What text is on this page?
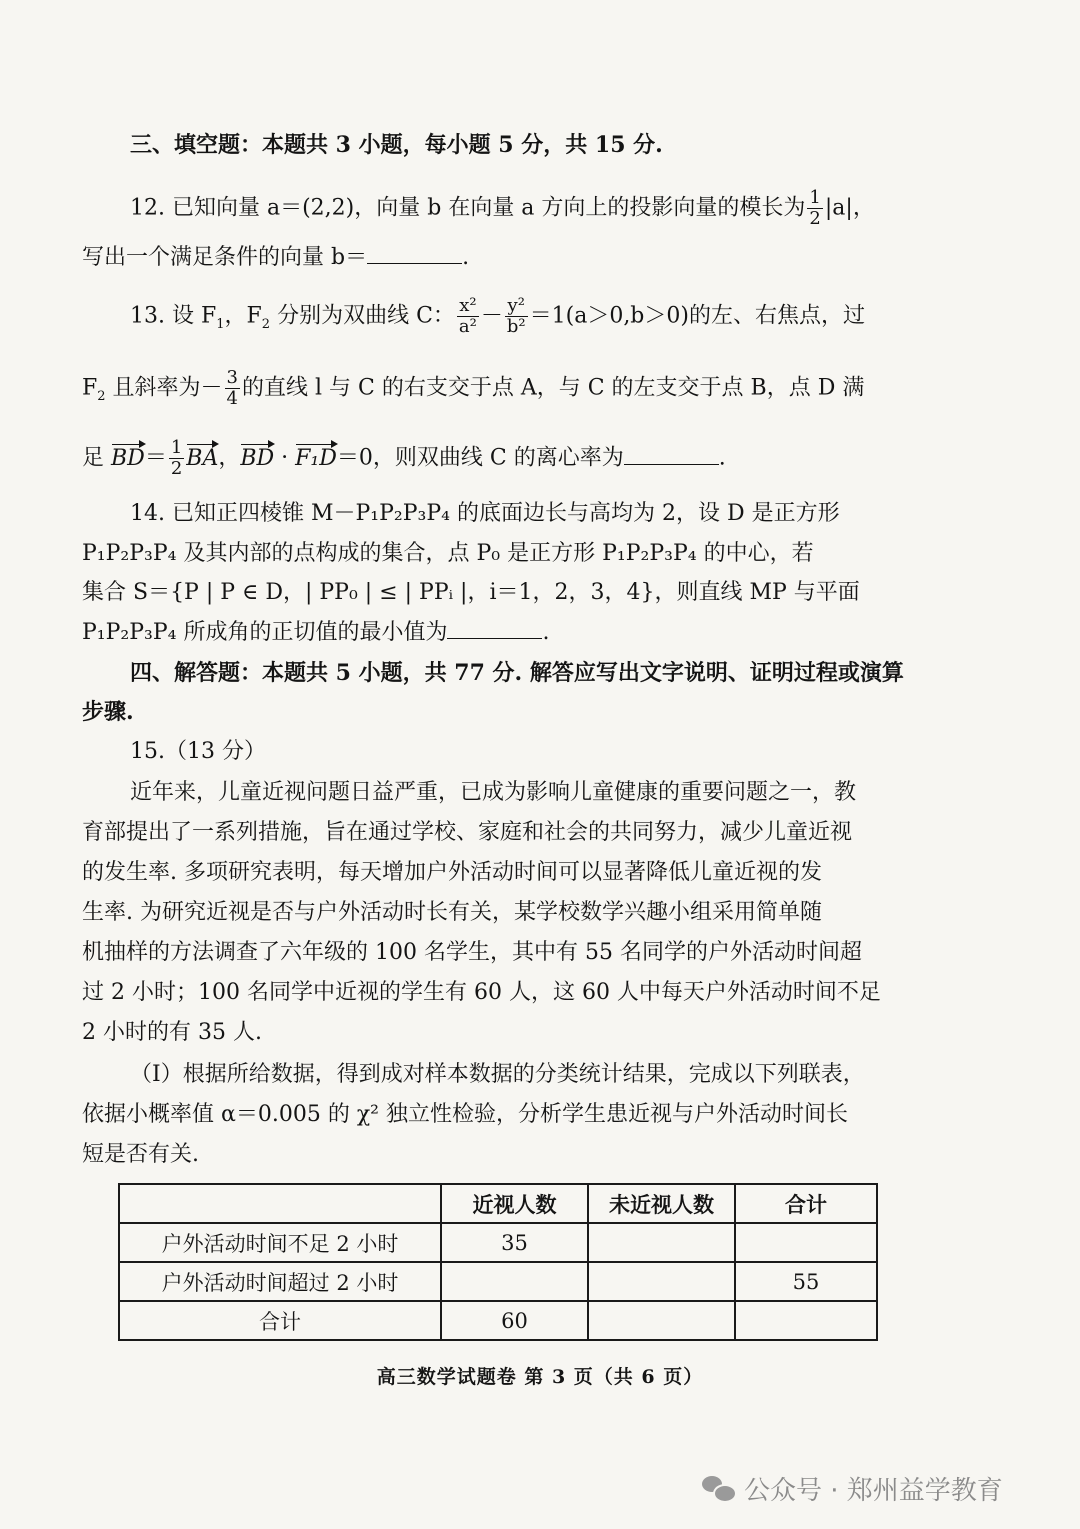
三、填空题：本题共 3 小题，每小题 5 分，共 15 分.
12. 已知向量 a＝(2,2)，向量 b 在向量 a 方向上的投影向量的模长为 $\frac{1}{2} |a|$，
写出一个满足条件的向量 b＝	.
13. 设 $F_1$，$F_2$ 分别为双曲线 C： $\frac{\text{x²}}{\text{a²}} - \frac{\text{y²}}{\text{b²}} =1(a>0,b>0)$的左、右焦点，过
$F_2$ 且斜率为－ $\frac{3}{4}$ 的直线 l 与 C 的右支交于点 A，与 C 的左支交于点 B，点 D 满
足 $BD= \frac{1}{2}$ BA，BD · F₁D＝0，则双曲线 C 的离心率为	.
14. 已知正四棱锥 M－P₁P₂P₃P₄ 的底面边长与高均为 2，设 D 是正方形
P₁P₂P₃P₄ 及其内部的点构成的集合，点 P₀ 是正方形 P₁P₂P₃P₄ 的中心，若
集合 S＝{P | P ∈ D，| PP₀ | ≤ | PPᵢ |，i＝1，2，3，4}，则直线 MP 与平面
P₁P₂P₃P₄ 所成角的正切值的最小值为	.
四、解答题：本题共 5 小题，共 77 分. 解答应写出文字说明、证明过程或演算
步骤.
15.（13 分）
近年来，儿童近视问题日益严重，已成为影响儿童健康的重要问题之一，教
育部提出了一系列措施，旨在通过学校、家庭和社会的共同努力，减少儿童近视
的发生率. 多项研究表明，每天增加户外活动时间可以显著降低儿童近视的发
生率. 为研究近视是否与户外活动时长有关，某学校数学兴趣小组采用简单随
机抽样的方法调查了六年级的 100 名学生，其中有 55 名同学的户外活动时间超
过 2 小时；100 名同学中近视的学生有 60 人，这 60 人中每天户外活动时间不足
2 小时的有 35 人.
（Ⅰ）根据所给数据，得到成对样本数据的分类统计结果，完成以下列联表，
依据小概率值 α＝0.005 的 χ² 独立性检验，分析学生患近视与户外活动时间长
短是否有关.
	近视人数	未近视人数	合计
户外活动时间不足 2 小时	35		
户外活动时间超过 2 小时			55
合计	60		
高三数学试题卷 第 3 页（共 6 页）
公众号 · 郑州益学教育
